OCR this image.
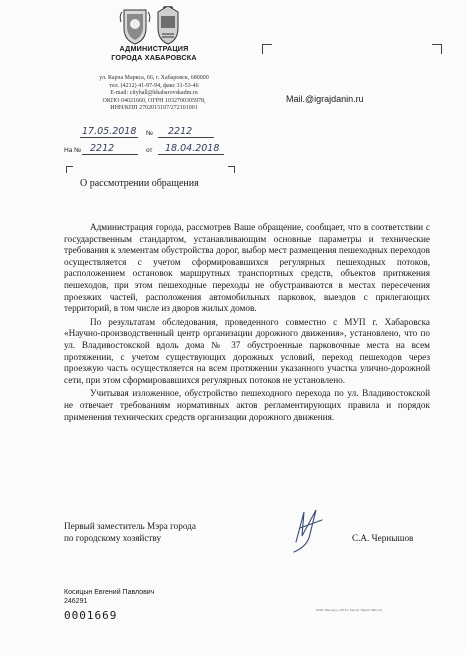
АДМИНИСТРАЦИЯ
ГОРОДА ХАБАРОВСКА
ул. Карла Маркса, 66, г. Хабаровск, 680000
тел. (4212) 41-97-94, факс 31-53-46
E-mail: cityhall@khabarovskadm.ru
ОКПО 04021660, ОГРН 1032700305978,
ИНН/КПП 2702015107/272101001
17.05.2018 № 2212
На № 2212	от 18.04.2018
Mail.@igrajdanin.ru
О рассмотрении обращения

Администрация города, рассмотрев Ваше обращение, сообщает, что в соответствии с государственным стандартом, устанавливающим основные параметры и технические требования к элементам обустройства дорог, выбор мест размещения пешеходных переходов осуществляется с учетом сформировавшихся регулярных пешеходных потоков, расположением остановок маршрутных транспортных средств, объектов притяжения пешеходов, при этом пешеходные переходы не обустраиваются в местах пересечения проезжих частей, расположения автомобильных парковок, выездов с прилегающих территорий, в том числе из дворов жилых домов.

По результатам обследования, проведенного совместно с МУП г. Хабаровска «Научно-производственный центр организации дорожного движения», установлено, что по ул. Владивостокской вдоль дома № 37 обустроенные парковочные места на всем протяжении, с учетом существующих дорожных условий, переход пешеходов через проезжую часть осуществляется на всем протяжении указанного участка улично-дорожной сети, при этом сформировавшихся регулярных потоков не установлено.

Учитывая изложенное, обустройство пешеходного перехода по ул. Владивостокской не отвечает требованиям нормативных актов регламентирующих правила и порядок применения технических средств организации дорожного движения.

Первый заместитель Мэра города
по городскому хозяйству	С.А. Чернышов
Косицын Евгений Павлович
246291
0001669	ООО «Велорус» 2018 г. Зак.20. Тираж 5000 экз.
